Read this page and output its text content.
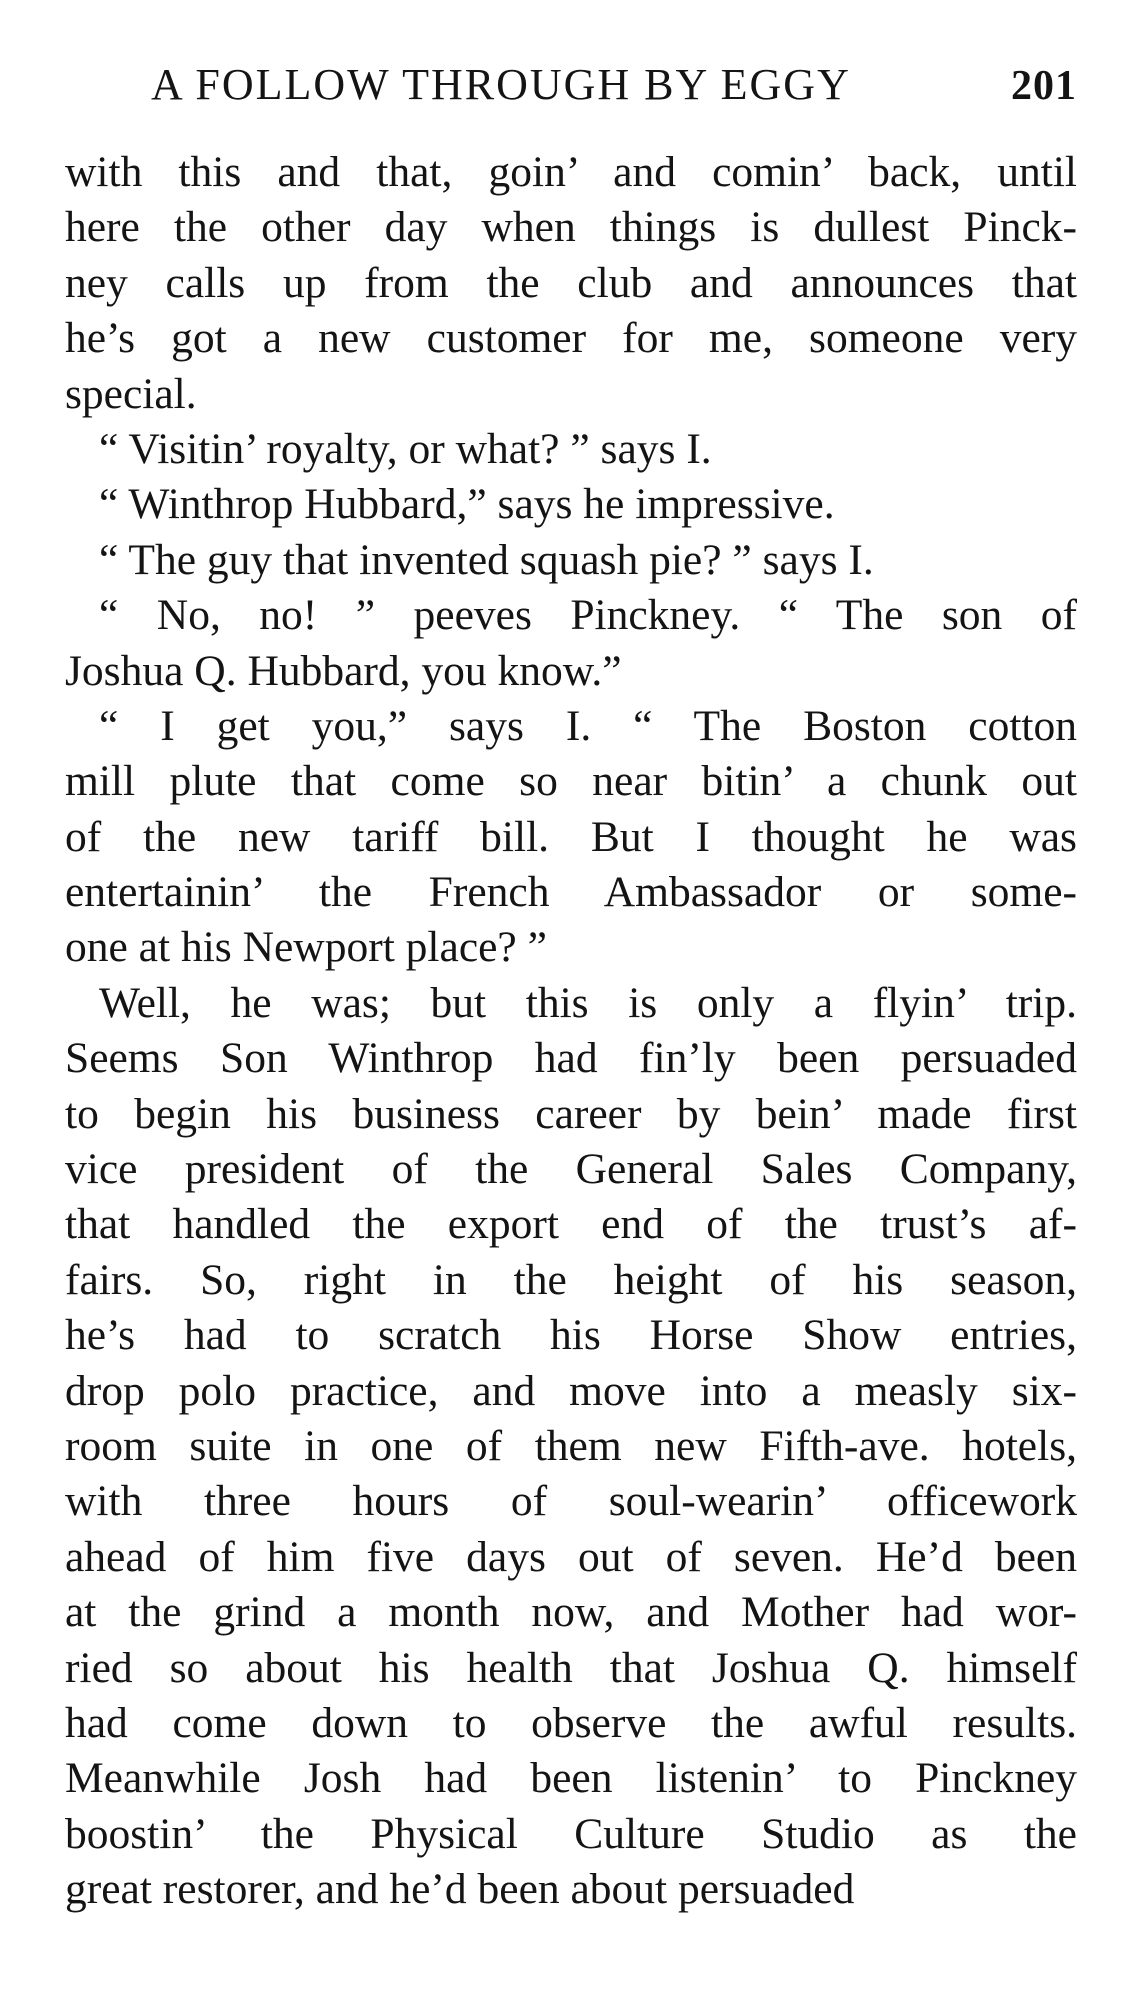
A FOLLOW THROUGH BY EGGY	201
with this and that, goin’ and comin’ back, until
here the other day when things is dullest Pinck-
ney calls up from the club and announces that
he’s got a new customer for me, someone very
special.
“ Visitin’ royalty, or what? ” says I.
“ Winthrop Hubbard,” says he impressive.
“ The guy that invented squash pie? ” says I.
“ No, no! ” peeves Pinckney. “ The son of
Joshua Q. Hubbard, you know.”
“ I get you,” says I. “ The Boston cotton
mill plute that come so near bitin’ a chunk out
of the new tariff bill. But I thought he was
entertainin’ the French Ambassador or some-
one at his Newport place? ”
Well, he was; but this is only a flyin’ trip.
Seems Son Winthrop had fin’ly been persuaded
to begin his business career by bein’ made first
vice president of the General Sales Company,
that handled the export end of the trust’s af-
fairs. So, right in the height of his season,
he’s had to scratch his Horse Show entries,
drop polo practice, and move into a measly six-
room suite in one of them new Fifth-ave. hotels,
with three hours of soul-wearin’ officework
ahead of him five days out of seven. He’d been
at the grind a month now, and Mother had wor-
ried so about his health that Joshua Q. himself
had come down to observe the awful results.
Meanwhile Josh had been listenin’ to Pinckney
boostin’ the Physical Culture Studio as the
great restorer, and he’d been about persuaded
